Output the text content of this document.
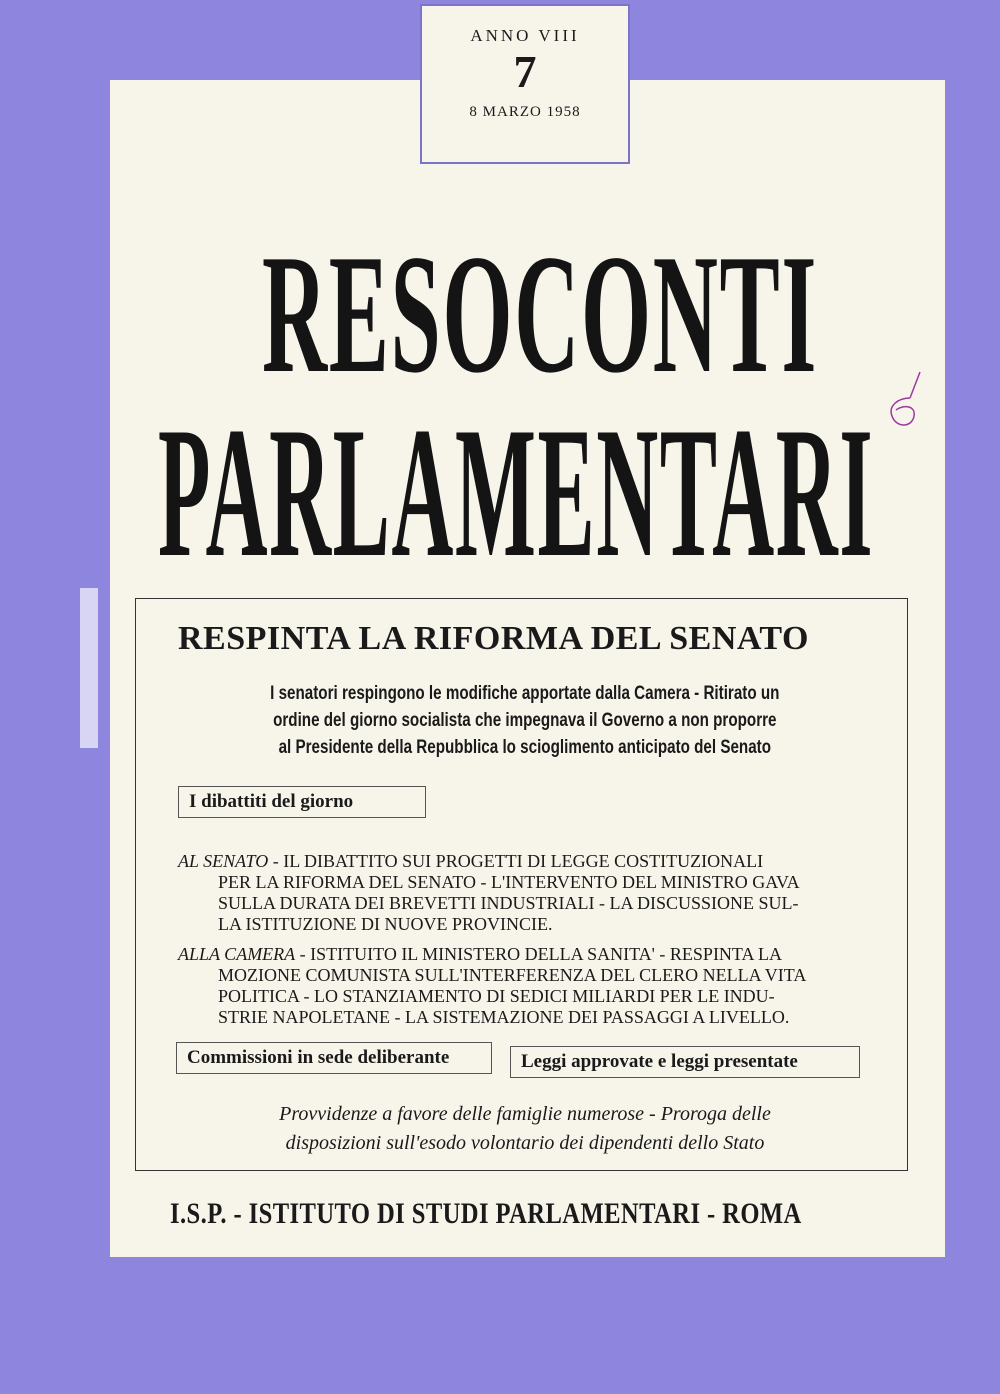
ANNO VIII
7
8 MARZO 1958
RESOCONTI
PARLAMENTARI
RESPINTA LA RIFORMA DEL SENATO
I senatori respingono le modifiche apportate dalla Camera - Ritirato un
ordine del giorno socialista che impegnava il Governo a non proporre
al Presidente della Repubblica lo scioglimento anticipato del Senato
I dibattiti del giorno
AL SENATO - IL DIBATTITO SUI PROGETTI DI LEGGE COSTITUZIONALI
PER LA RIFORMA DEL SENATO - L'INTERVENTO DEL MINISTRO GAVA
SULLA DURATA DEI BREVETTI INDUSTRIALI - LA DISCUSSIONE SUL-
LA ISTITUZIONE DI NUOVE PROVINCIE.
ALLA CAMERA - ISTITUITO IL MINISTERO DELLA SANITA' - RESPINTA LA
MOZIONE COMUNISTA SULL'INTERFERENZA DEL CLERO NELLA VITA
POLITICA - LO STANZIAMENTO DI SEDICI MILIARDI PER LE INDU-
STRIE NAPOLETANE - LA SISTEMAZIONE DEI PASSAGGI A LIVELLO.
Commissioni in sede deliberante	Leggi approvate e leggi presentate
Provvidenze a favore delle famiglie numerose - Proroga delle
disposizioni sull'esodo volontario dei dipendenti dello Stato
I.S.P. - ISTITUTO DI STUDI PARLAMENTARI - ROMA
